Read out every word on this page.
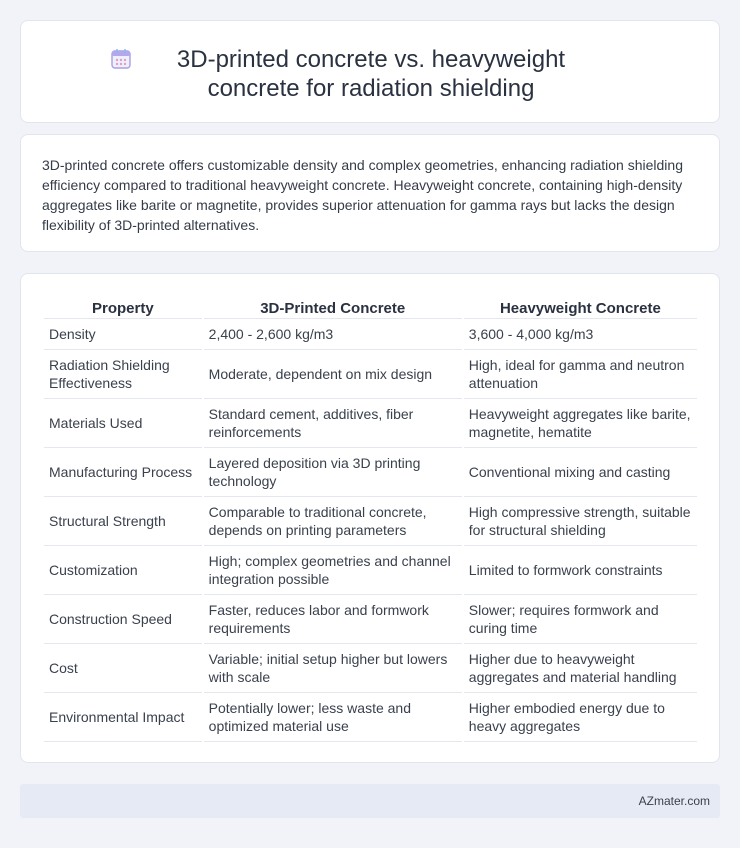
3D-printed concrete vs. heavyweight concrete for radiation shielding

3D-printed concrete offers customizable density and complex geometries, enhancing radiation shielding efficiency compared to traditional heavyweight concrete. Heavyweight concrete, containing high-density aggregates like barite or magnetite, provides superior attenuation for gamma rays but lacks the design flexibility of 3D-printed alternatives.

Property	3D-Printed Concrete	Heavyweight Concrete
Density	2,400 - 2,600 kg/m3	3,600 - 4,000 kg/m3
Radiation Shielding Effectiveness	Moderate, dependent on mix design	High, ideal for gamma and neutron attenuation
Materials Used	Standard cement, additives, fiber reinforcements	Heavyweight aggregates like barite, magnetite, hematite
Manufacturing Process	Layered deposition via 3D printing technology	Conventional mixing and casting
Structural Strength	Comparable to traditional concrete, depends on printing parameters	High compressive strength, suitable for structural shielding
Customization	High; complex geometries and channel integration possible	Limited to formwork constraints
Construction Speed	Faster, reduces labor and formwork requirements	Slower; requires formwork and curing time
Cost	Variable; initial setup higher but lowers with scale	Higher due to heavyweight aggregates and material handling
Environmental Impact	Potentially lower; less waste and optimized material use	Higher embodied energy due to heavy aggregates
AZmater.com
